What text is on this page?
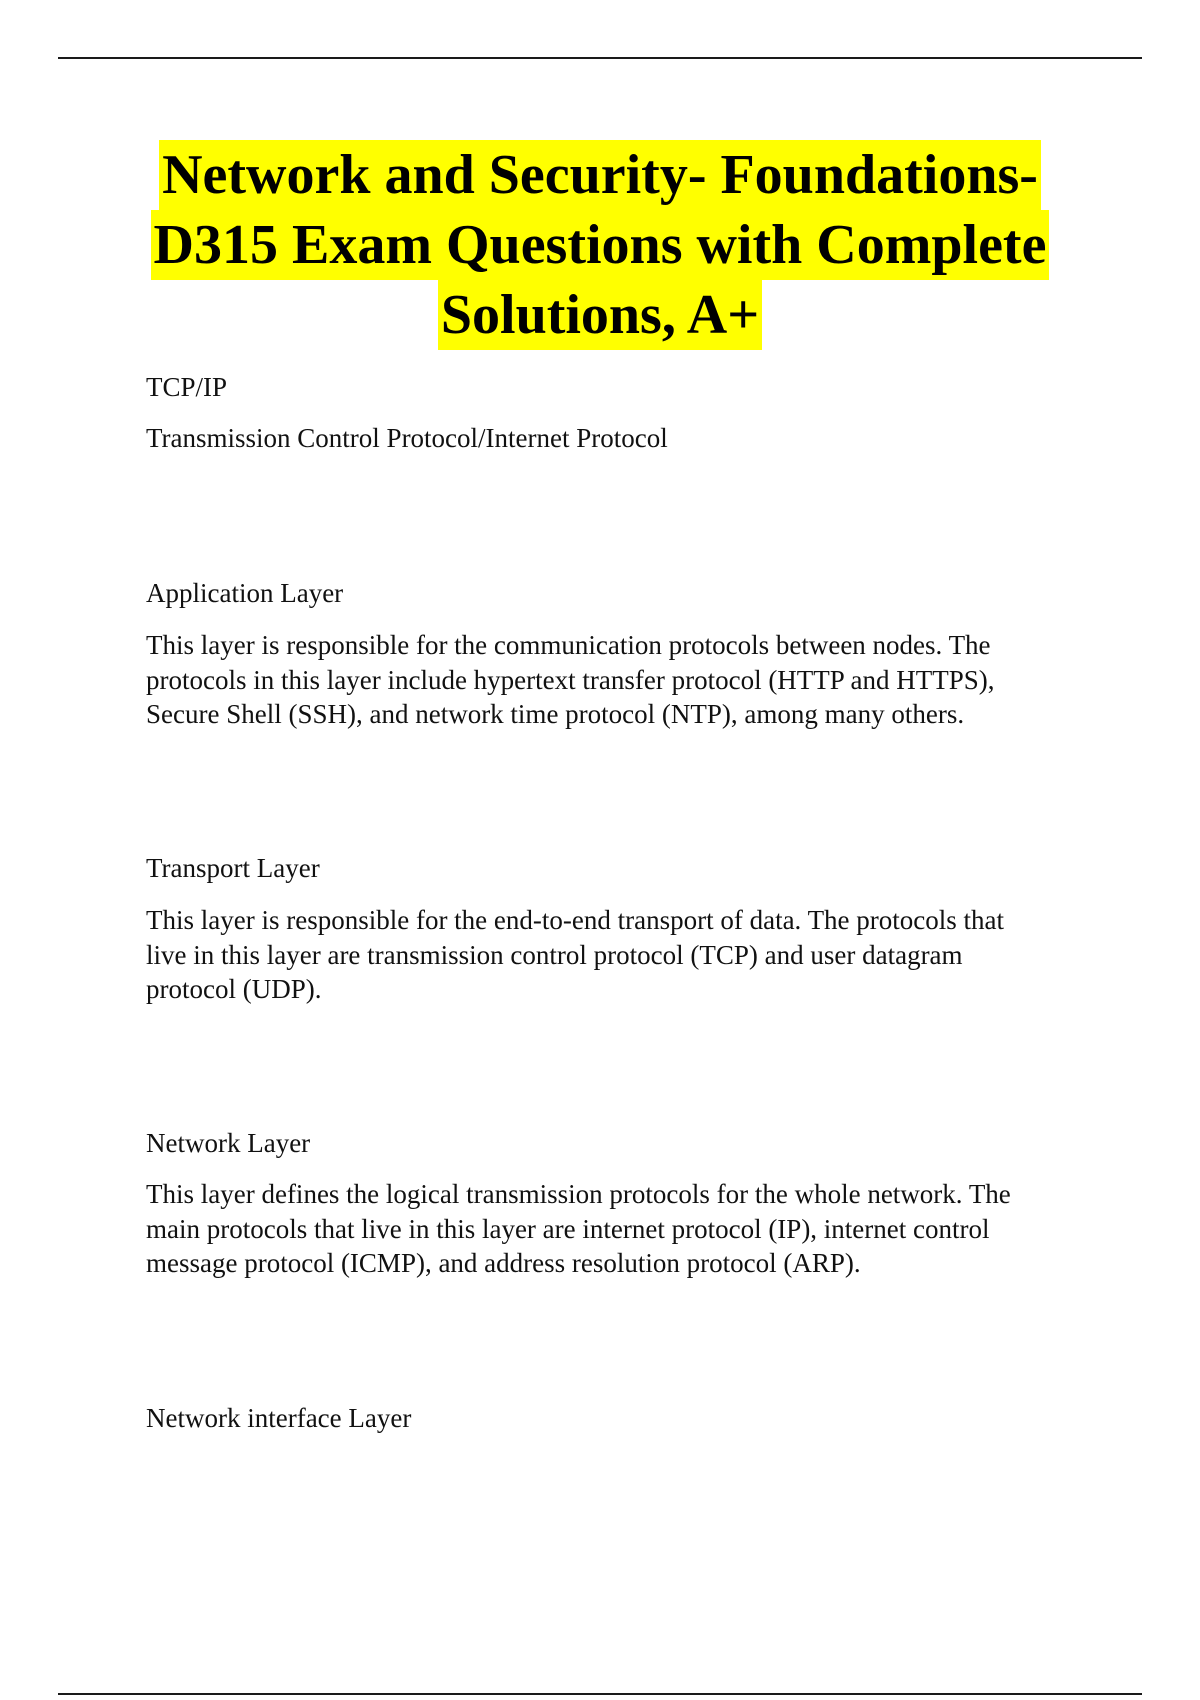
Network and Security- Foundations-
D315 Exam Questions with Complete
Solutions, A+

TCP/IP

Transmission Control Protocol/Internet Protocol

Application Layer

This layer is responsible for the communication protocols between nodes. The
protocols in this layer include hypertext transfer protocol (HTTP and HTTPS),
Secure Shell (SSH), and network time protocol (NTP), among many others.

Transport Layer

This layer is responsible for the end-to-end transport of data. The protocols that
live in this layer are transmission control protocol (TCP) and user datagram
protocol (UDP).

Network Layer

This layer defines the logical transmission protocols for the whole network. The
main protocols that live in this layer are internet protocol (IP), internet control
message protocol (ICMP), and address resolution protocol (ARP).

Network interface Layer
